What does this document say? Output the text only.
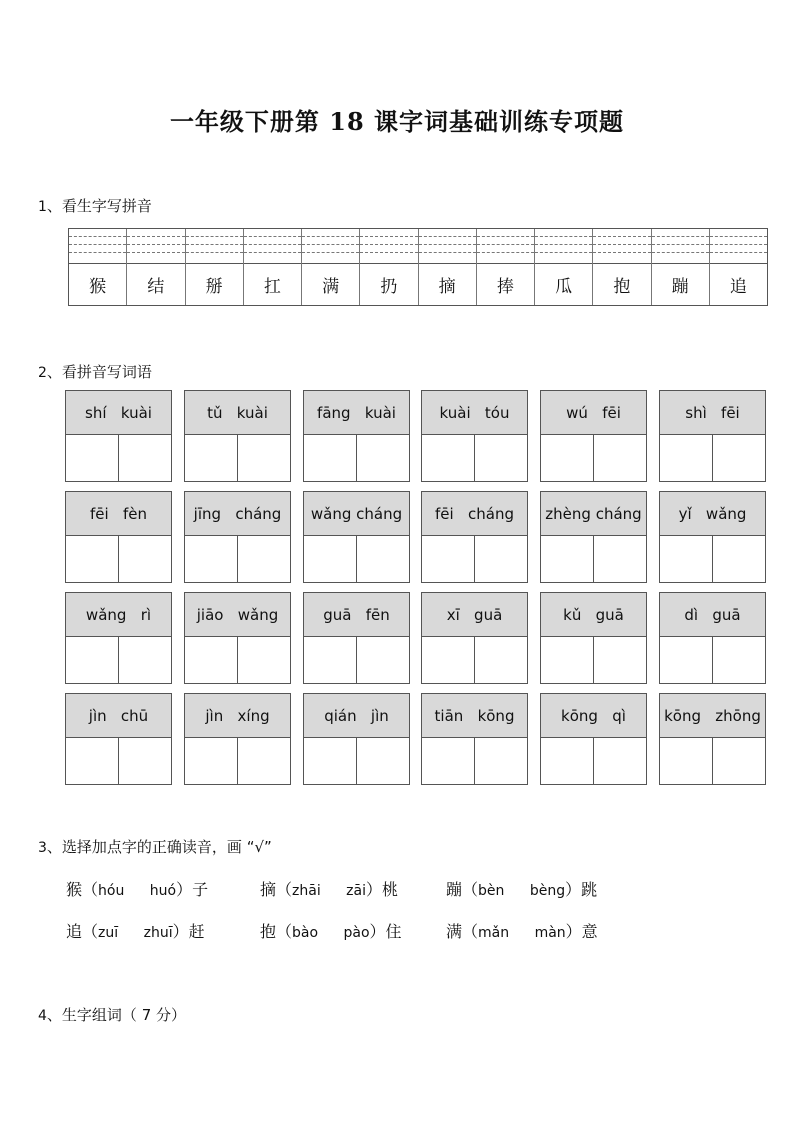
一年级下册第 18 课字词基础训练专项题
1、看生字写拼音
猴	结	掰	扛	满	扔	摘	捧	瓜	抱	蹦	追
2、看拼音写词语
shí   kuài	tǔ   kuài	fāng   kuài	kuài   tóu	wú   fēi	shì   fēi
fēi   fèn	jīng   cháng	wǎng cháng	fēi   cháng	zhèng cháng	yǐ   wǎng
wǎng   rì	jiāo   wǎng	guā   fēn	xī   guā	kǔ   guā	dì   guā
jìn   chū	jìn   xíng	qián   jìn	tiān   kōng	kōng   qì	kōng   zhōng
3、选择加点字的正确读音，画 “√”
猴（hóu huó）子	摘（zhāi zāi）桃	蹦（bèn bèng）跳
追（zuī zhuī）赶	抱（bào pào）住	满（mǎn màn）意
4、生字组词（ 7 分）
